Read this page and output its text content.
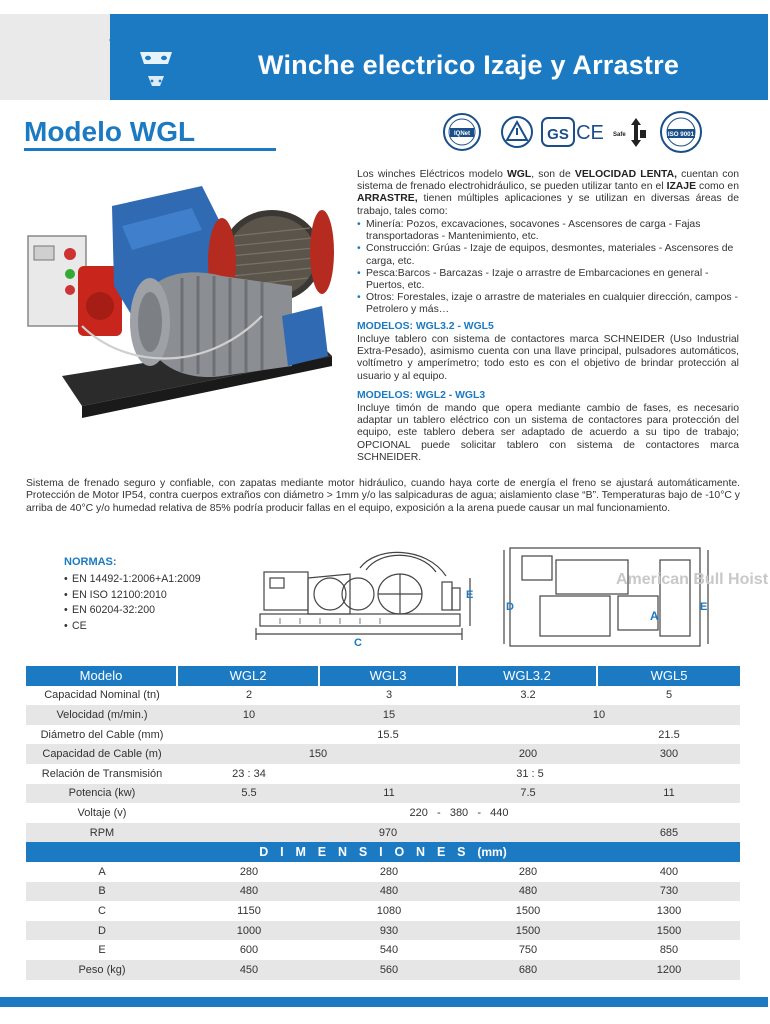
Winche electrico Izaje y Arrastre
Modelo WGL	IQNet	GS CE Safe	ISO 9001
Los winches Eléctricos modelo WGL, son de VELOCIDAD LENTA, cuentan con sistema de frenado electrohidráulico, se pueden utilizar tanto en el IZAJE como en ARRASTRE, tienen múltiples aplicaciones y se utilizan en diversas áreas de trabajo, tales como:
• Minería: Pozos, excavaciones, socavones - Ascensores de carga - Fajas transportadoras - Mantenimiento, etc.
• Construcción: Grúas - Izaje de equipos, desmontes, materiales - Ascensores de carga, etc.
• Pesca:Barcos - Barcazas - Izaje o arrastre de Embarcaciones en general - Puertos, etc.
• Otros: Forestales, izaje o arrastre de materiales en cualquier dirección, campos - Petrolero y más…
MODELOS: WGL3.2 - WGL5
Incluye tablero con sistema de contactores marca SCHNEIDER (Uso Industrial Extra-Pesado), asimismo cuenta con una llave principal, pulsadores automáticos, voltímetro y amperímetro; todo esto es con el objetivo de brindar protección al usuario y al equipo.
MODELOS: WGL2 - WGL3
Incluye timón de mando que opera mediante cambio de fases, es necesario adaptar un tablero eléctrico con un sistema de contactores para protección del equipo, este tablero debera ser adaptado de acuerdo a su tipo de trabajo; OPCIONAL puede solicitar tablero con sistema de contactores marca SCHNEIDER.
Sistema de frenado seguro y confiable, con zapatas mediante motor hidráulico, cuando haya corte de energía el freno se ajustará automáticamente. Protección de Motor IP54, contra cuerpos extraños con diámetro > 1mm y/o las salpicaduras de agua; aislamiento clase “B”. Temperaturas bajo de -10°C y arriba de 40°C y/o humedad relativa de 85% podría producir fallas en el equipo, exposición a la arena puede causar un mal funcionamiento.
NORMAS:
• EN 14492-1:2006+A1:2009
• EN ISO 12100:2010
• EN 60204-32:200
• CE
E
C
American Bull Hoist
D
A
E
Modelo	WGL2	WGL3	WGL3.2	WGL5
Capacidad Nominal (tn)	2	3	3.2	5
Velocidad (m/min.)	10	15	10	
Diámetro del Cable (mm)	15.5			21.5
Capacidad de Cable (m)	150		200	300
Relación de Transmisión	23 : 34	31 : 5		
Potencia (kw)	5.5	11	7.5	11
Voltaje (v)	220   -   380   -   440			
RPM	970			685
D I M E N S I O N E S (mm)				
A	280	280	280	400
B	480	480	480	730
C	1150	1080	1500	1300
D	1000	930	1500	1500
E	600	540	750	850
Peso (kg)	450	560	680	1200
